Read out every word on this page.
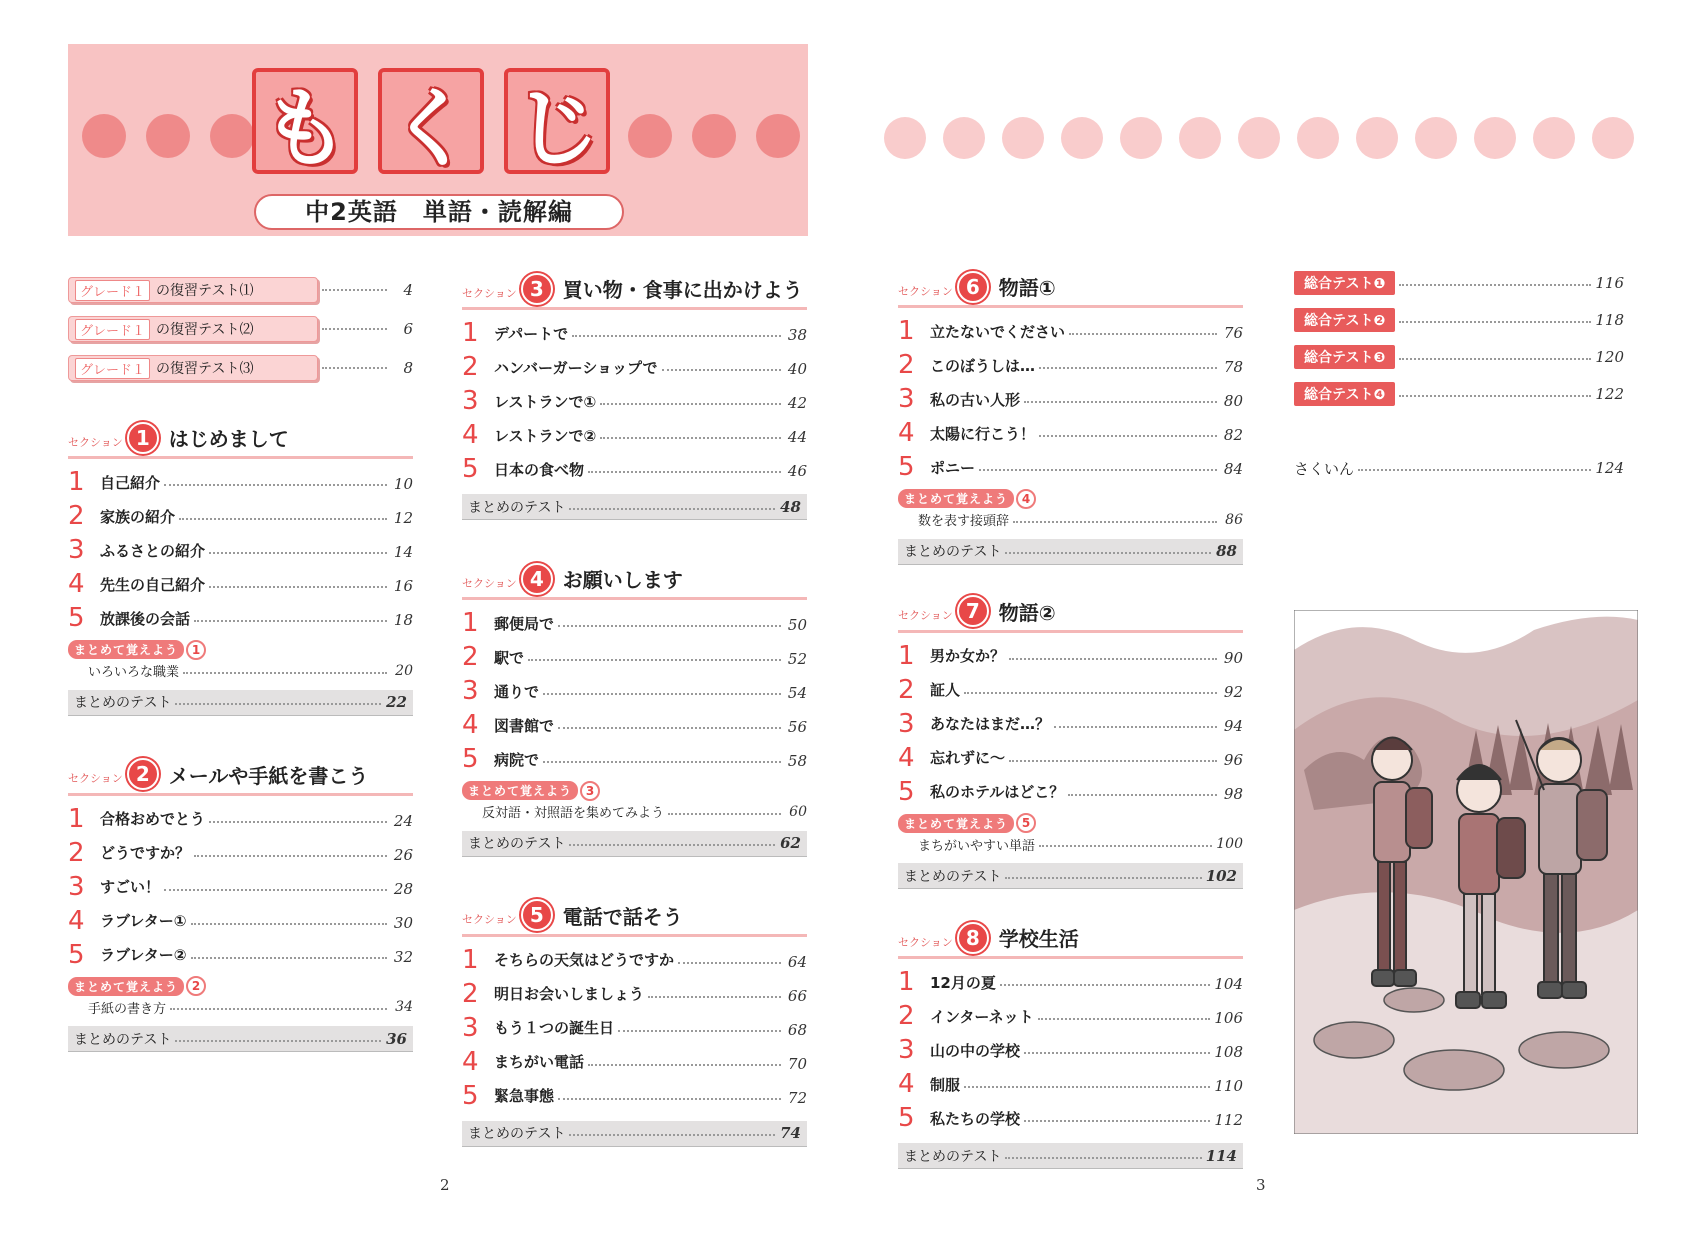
も く じ
中2英語　単語・読解編
グレード１ の復習テスト⑴	4
グレード１ の復習テスト⑵	6
グレード１ の復習テスト⑶	8
セクション 1 はじめまして
1	自己紹介	10
2	家族の紹介	12
3	ふるさとの紹介	14
4	先生の自己紹介	16
5	放課後の会話	18
まとめて覚えよう	1
いろいろな職業	20
まとめのテスト	22
セクション 2 メールや手紙を書こう
1	合格おめでとう	24
2	どうですか？	26
3	すごい！	28
4	ラブレター①	30
5	ラブレター②	32
まとめて覚えよう	2
手紙の書き方	34
まとめのテスト	36
セクション 3 買い物・食事に出かけよう
1	デパートで	38
2	ハンバーガーショップで	40
3	レストランで①	42
4	レストランで②	44
5	日本の食べ物	46
まとめのテスト	48
セクション 4 お願いします
1	郵便局で	50
2	駅で	52
3	通りで	54
4	図書館で	56
5	病院で	58
まとめて覚えよう	3
反対語・対照語を集めてみよう	60
まとめのテスト	62
セクション 5 電話で話そう
1	そちらの天気はどうですか	64
2	明日お会いしましょう	66
3	もう１つの誕生日	68
4	まちがい電話	70
5	緊急事態	72
まとめのテスト	74
セクション 6 物語①
1	立たないでください	76
2	このぼうしは…	78
3	私の古い人形	80
4	太陽に行こう！	82
5	ポニー	84
まとめて覚えよう	4
数を表す接頭辞	86
まとめのテスト	88
セクション 7 物語②
1	男か女か？	90
2	証人	92
3	あなたはまだ…？	94
4	忘れずに～	96
5	私のホテルはどこ？	98
まとめて覚えよう	5
まちがいやすい単語	100
まとめのテスト	102
セクション 8 学校生活
1	12月の夏	104
2	インターネット	106
3	山の中の学校	108
4	制服	110
5	私たちの学校	112
まとめのテスト	114
総合テスト❶	116
総合テスト❷	118
総合テスト❸	120
総合テスト❹	122
さくいん	124
2	3
